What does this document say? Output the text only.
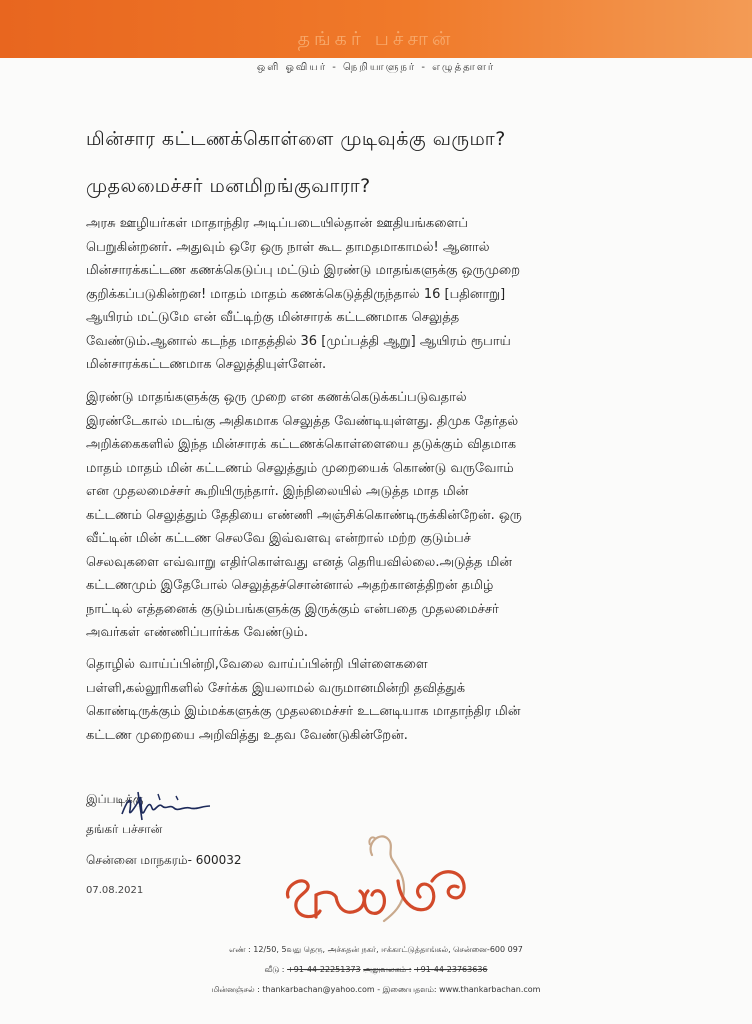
தங்கர் பச்சான்
ஒளி ஓவியர் - நெறியாளுநர் - எழுத்தாளர்
மின்சார கட்டணக்கொள்ளை முடிவுக்கு வருமா?
முதலமைச்சர் மனமிறங்குவாரா?
அரசு ஊழியர்கள் மாதாந்திர அடிப்படையில்தான் ஊதியங்களைப்
பெறுகின்றனர். அதுவும் ஒரே ஒரு நாள் கூட தாமதமாகாமல்! ஆனால்
மின்சாரக்கட்டண கணக்கெடுப்பு மட்டும் இரண்டு மாதங்களுக்கு ஒருமுறை
குறிக்கப்படுகின்றன! மாதம் மாதம் கணக்கெடுத்திருந்தால் 16 [பதினாறு]
ஆயிரம் மட்டுமே என் வீட்டிற்கு மின்சாரக் கட்டணமாக செலுத்த
வேண்டும்.ஆனால் கடந்த மாதத்தில் 36 [முப்பத்தி ஆறு] ஆயிரம் ரூபாய்
மின்சாரக்கட்டணமாக செலுத்தியுள்ளேன்.
இரண்டு மாதங்களுக்கு ஒரு முறை என கணக்கெடுக்கப்படுவதால்
இரண்டேகால் மடங்கு அதிகமாக செலுத்த வேண்டியுள்ளது. திமுக தேர்தல்
அறிக்கைகளில் இந்த மின்சாரக் கட்டணக்கொள்ளையை தடுக்கும் விதமாக
மாதம் மாதம் மின் கட்டணம் செலுத்தும் முறையைக் கொண்டு வருவோம்
என முதலமைச்சர் கூறியிருந்தார். இந்நிலையில் அடுத்த மாத மின்
கட்டணம் செலுத்தும் தேதியை எண்ணி அஞ்சிக்கொண்டிருக்கின்றேன். ஒரு
வீட்டின் மின் கட்டண செலவே இவ்வளவு என்றால் மற்ற குடும்பச்
செலவுகளை எவ்வாறு எதிர்கொள்வது எனத் தெரியவில்லை.அடுத்த மின்
கட்டணமும் இதேபோல் செலுத்தச்சொன்னால் அதற்கானத்திறன் தமிழ்
நாட்டில் எத்தனைக் குடும்பங்களுக்கு இருக்கும் என்பதை முதலமைச்சர்
அவர்கள் எண்ணிப்பார்க்க வேண்டும்.
தொழில் வாய்ப்பின்றி,வேலை வாய்ப்பின்றி பிள்ளைகளை
பள்ளி,கல்லூரிகளில் சேர்க்க இயலாமல் வருமானமின்றி தவித்துக்
கொண்டிருக்கும் இம்மக்களுக்கு முதலமைச்சர் உடனடியாக மாதாந்திர மின்
கட்டண முறையை அறிவித்து உதவ வேண்டுகின்றேன்.
இப்படிக்கு
தங்கர் பச்சான்
சென்னை மாநகரம்- 600032
07.08.2021
எண் : 12/50, 5வது தெரு, அச்சுதன் நகர், ஈக்காட்டுத்தாங்கல், சென்னை-600 097
வீடு : +91-44-22251373 அலுவலகம் : +91-44-23763636
மின்னஞ்சல் : thankarbachan@yahoo.com - இணையதளம்: www.thankarbachan.com
